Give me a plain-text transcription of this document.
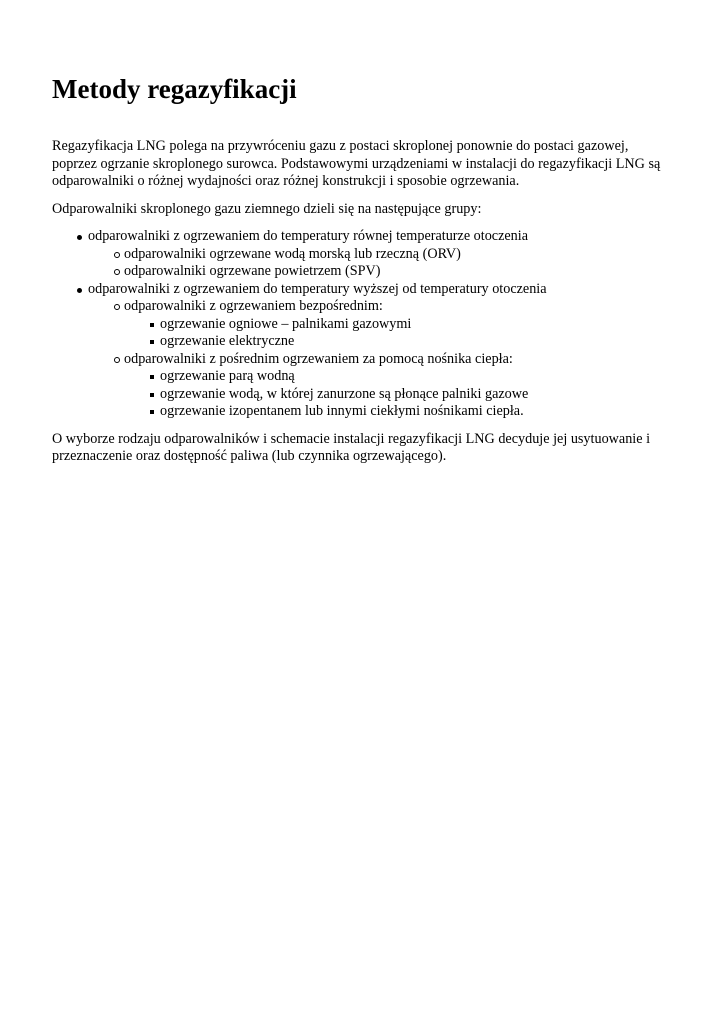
Metody regazyfikacji

Regazyfikacja LNG polega na przywróceniu gazu z postaci skroplonej ponownie do postaci gazowej, poprzez ogrzanie skroplonego surowca. Podstawowymi urządzeniami w instalacji do regazyfikacji LNG są odparowalniki o różnej wydajności oraz różnej konstrukcji i sposobie ogrzewania.

Odparowalniki skroplonego gazu ziemnego dzieli się na następujące grupy:

odparowalniki z ogrzewaniem do temperatury równej temperaturze otoczenia
odparowalniki ogrzewane wodą morską lub rzeczną (ORV)
odparowalniki ogrzewane powietrzem (SPV)
odparowalniki z ogrzewaniem do temperatury wyższej od temperatury otoczenia
odparowalniki z ogrzewaniem bezpośrednim:
ogrzewanie ogniowe – palnikami gazowymi
ogrzewanie elektryczne
odparowalniki z pośrednim ogrzewaniem za pomocą nośnika ciepła:
ogrzewanie parą wodną
ogrzewanie wodą, w której zanurzone są płonące palniki gazowe
ogrzewanie izopentanem lub innymi ciekłymi nośnikami ciepła.

O wyborze rodzaju odparowalników i schemacie instalacji regazyfikacji LNG decyduje jej usytuowanie i przeznaczenie oraz dostępność paliwa (lub czynnika ogrzewającego).
